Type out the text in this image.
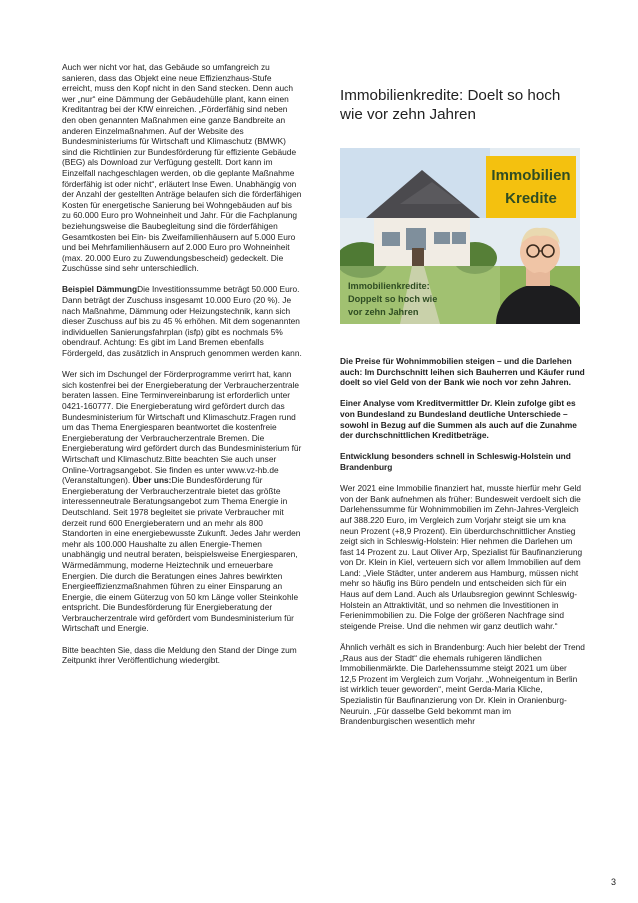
Auch wer nicht vor hat, das Gebäude so umfangreich zu sanieren, dass das Objekt eine neue Effizienzhaus-Stufe erreicht, muss den Kopf nicht in den Sand stecken. Denn auch wer „nur“ eine Dämmung der Gebäudehülle plant, kann einen Kreditantrag bei der KfW einreichen. „Förderfähig sind neben den oben genannten Maßnahmen eine ganze Bandbreite an anderen Einzelmaßnahmen. Auf der Website des Bundesministeriums für Wirtschaft und Klimaschutz (BMWK) sind die Richtlinien zur Bundesförderung für effiziente Gebäude (BEG) als Download zur Verfügung gestellt. Dort kann im Einzelfall nachgeschlagen werden, ob die geplante Maßnahme förderfähig ist oder nicht“, erläutert Inse Ewen. Unabhängig von der Anzahl der gestellten Anträge belaufen sich die förderfähigen Kosten für energetische Sanierung bei Wohngebäuden auf bis zu 60.000 Euro pro Wohneinheit und Jahr. Für die Fachplanung beziehungsweise die Baubegleitung sind die förderfähigen Gesamtkosten bei Ein- bis Zweifamilienhäusern auf 5.000 Euro und bei Mehrfamilienhäusern auf 2.000 Euro pro Wohneinheit (max. 20.000 Euro zu Zuwendungsbescheid) gedeckelt. Die Zuschüsse sind sehr unterschiedlich.

Beispiel DämmungDie Investitionssumme beträgt 50.000 Euro. Dann beträgt der Zuschuss insgesamt 10.000 Euro (20 %). Je nach Maßnahme, Dämmung oder Heizungstechnik, kann sich dieser Zuschuss auf bis zu 45 % erhöhen. Mit dem sogenannten individuellen Sanierungsfahrplan (isfp) gibt es nochmals 5% obendrauf. Achtung: Es gibt im Land Bremen ebenfalls Fördergeld, das zusätzlich in Anspruch genommen werden kann.

Wer sich im Dschungel der Förderprogramme verirrt hat, kann sich kostenfrei bei der Energieberatung der Verbraucherzentrale beraten lassen. Eine Terminvereinbarung ist erforderlich unter 0421-160777. Die Energieberatung wird gefördert durch das Bundesministerium für Wirtschaft und Klimaschutz.Fragen rund um das Thema Energiesparen beantwortet die kostenfreie Energieberatung der Verbraucherzentrale Bremen. Die Energieberatung wird gefördert durch das Bundesministerium für Wirtschaft und Klimaschutz.Bitte beachten Sie auch unser Online-Vortragsangebot. Sie finden es unter www.vz-hb.de (Veranstaltungen). Über uns:Die Bundesförderung für Energieberatung der Verbraucherzentrale bietet das größte interessenneutrale Beratungsangebot zum Thema Energie in Deutschland. Seit 1978 begleitet sie private Verbraucher mit derzeit rund 600 Energieberatern und an mehr als 800 Standorten in eine energiebewusste Zukunft. Jedes Jahr werden mehr als 100.000 Haushalte zu allen Energie-Themen unabhängig und neutral beraten, beispielsweise Energiesparen, Wärmedämmung, moderne Heiztechnik und erneuerbare Energien. Die durch die Beratungen eines Jahres bewirkten Energieeffizienzmaßnahmen führen zu einer Einsparung an Energie, die einem Güterzug von 50 km Länge voller Steinkohle entspricht. Die Bundesförderung für Energieberatung der Verbraucherzentrale wird gefördert vom Bundesministerium für Wirtschaft und Energie.

Bitte beachten Sie, dass die Meldung den Stand der Dinge zum Zeitpunkt ihrer Veröffentlichung wiedergibt.

Immobilienkredite: Doelt so hoch wie vor zehn Jahren
Immobilien
Kredite
Immobilienkredite:
Doppelt so hoch wie
vor zehn Jahren

Die Preise für Wohnimmobilien steigen – und die Darlehen auch: Im Durchschnitt leihen sich Bauherren und Käufer rund doelt so viel Geld von der Bank wie noch vor zehn Jahren.

Einer Analyse vom Kreditvermittler Dr. Klein zufolge gibt es von Bundesland zu Bundesland deutliche Unterschiede – sowohl in Bezug auf die Summen als auch auf die Zunahme der durchschnittlichen Kreditbeträge.

Entwicklung besonders schnell in Schleswig-Holstein und Brandenburg

Wer 2021 eine Immobilie finanziert hat, musste hierfür mehr Geld von der Bank aufnehmen als früher: Bundesweit verdoelt sich die Darlehenssumme für Wohnimmobilien im Zehn-Jahres-Vergleich auf 388.220 Euro, im Vergleich zum Vorjahr steigt sie um kna neun Prozent (+8,9 Prozent). Ein überdurchschnittlicher Anstieg zeigt sich in Schleswig-Holstein: Hier nehmen die Darlehen um fast 14 Prozent zu. Laut Oliver Arp, Spezialist für Baufinanzierung von Dr. Klein in Kiel, verteuern sich vor allem Immobilien auf dem Land: „Viele Städter, unter anderem aus Hamburg, müssen nicht mehr so häufig ins Büro pendeln und entscheiden sich für ein Haus auf dem Land. Auch als Urlaubsregion gewinnt Schleswig-Holstein an Attraktivität, und so nehmen die Investitionen in Ferienimmobilien zu. Die Folge der größeren Nachfrage sind steigende Preise. Und die nehmen wir ganz deutlich wahr.“

Ähnlich verhält es sich in Brandenburg: Auch hier belebt der Trend „Raus aus der Stadt“ die ehemals ruhigeren ländlichen Immobilienmärkte. Die Darlehenssumme steigt 2021 um über 12,5 Prozent im Vergleich zum Vorjahr. „Wohneigentum in Berlin ist wirklich teuer geworden“, meint Gerda-Maria Kliche, Spezialistin für Baufinanzierung von Dr. Klein in Oranienburg-Neuruin. „Für dasselbe Geld bekommt man im Brandenburgischen wesentlich mehr

3
